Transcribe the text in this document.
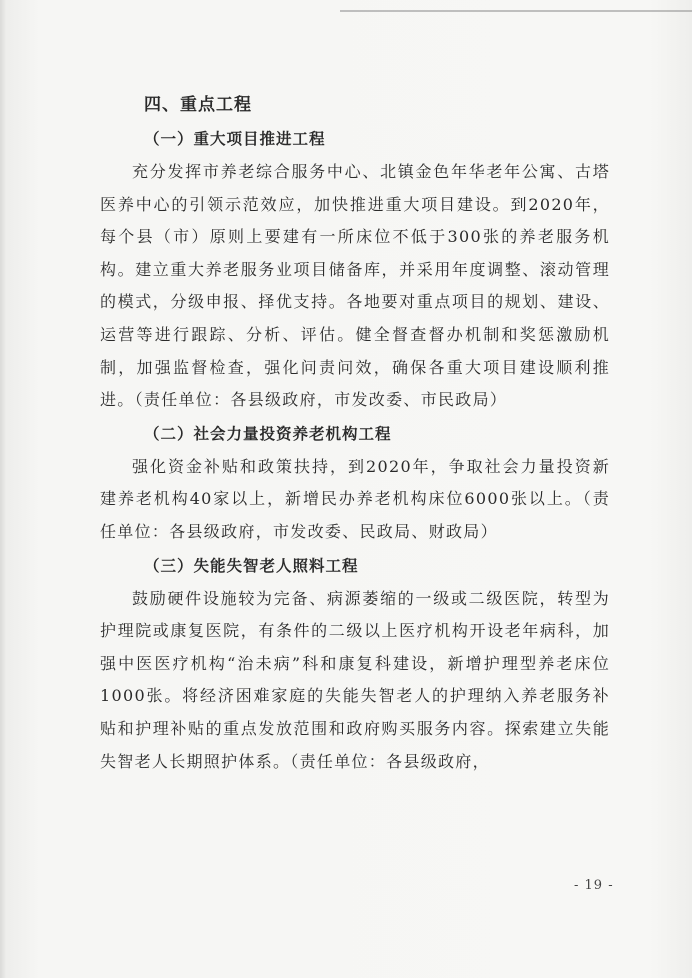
四、重点工程
（一）重大项目推进工程

充分发挥市养老综合服务中心、北镇金色年华老年公寓、古塔医养中心的引领示范效应，加快推进重大项目建设。到2020年，每个县（市）原则上要建有一所床位不低于300张的养老服务机构。建立重大养老服务业项目储备库，并采用年度调整、滚动管理的模式，分级申报、择优支持。各地要对重点项目的规划、建设、运营等进行跟踪、分析、评估。健全督查督办机制和奖惩激励机制，加强监督检查，强化问责问效，确保各重大项目建设顺利推进。（责任单位：各县级政府，市发改委、市民政局）

（二）社会力量投资养老机构工程

强化资金补贴和政策扶持，到2020年，争取社会力量投资新建养老机构40家以上，新增民办养老机构床位6000张以上。（责任单位：各县级政府，市发改委、民政局、财政局）

（三）失能失智老人照料工程

鼓励硬件设施较为完备、病源萎缩的一级或二级医院，转型为护理院或康复医院，有条件的二级以上医疗机构开设老年病科，加强中医医疗机构“治未病”科和康复科建设，新增护理型养老床位1000张。将经济困难家庭的失能失智老人的护理纳入养老服务补贴和护理补贴的重点发放范围和政府购买服务内容。探索建立失能失智老人长期照护体系。（责任单位：各县级政府，

- 19 -
